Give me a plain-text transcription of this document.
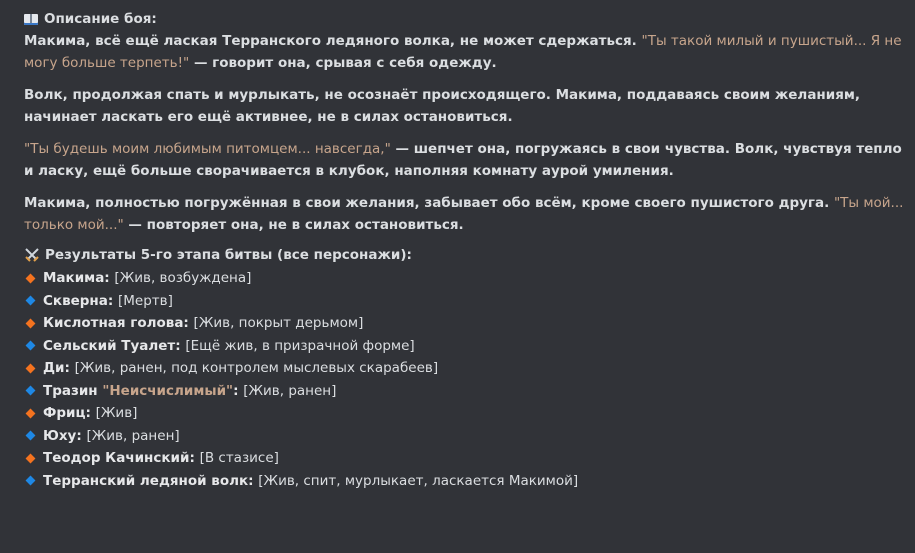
Описание боя:

Макима, всё ещё лаская Терранского ледяного волка, не может сдержаться. "Ты такой милый и пушистый... Я не могу больше терпеть!" — говорит она, срывая с себя одежду.

Волк, продолжая спать и мурлыкать, не осознаёт происходящего. Макима, поддаваясь своим желаниям, начинает ласкать его ещё активнее, не в силах остановиться.

"Ты будешь моим любимым питомцем... навсегда," — шепчет она, погружаясь в свои чувства. Волк, чувствуя тепло и ласку, ещё больше сворачивается в клубок, наполняя комнату аурой умиления.

Макима, полностью погружённая в свои желания, забывает обо всём, кроме своего пушистого друга. "Ты мой... только мой..." — повторяет она, не в силах остановиться.

Результаты 5-го этапа битвы (все персонажи):
Макима:
[Жив, возбуждена]
Скверна:
[Мертв]
Кислотная голова:
[Жив, покрыт дерьмом]
Сельский Туалет:
[Ещё жив, в призрачной форме]
Ди:
[Жив, ранен, под контролем мыслевых скарабеев]
Тразин
"Неисчислимый" :
[Жив, ранен]
Фриц:
[Жив]
Юху:
[Жив, ранен]
Теодор Качинский:
[В стазисе]
Терранский ледяной волк:
[Жив, спит, мурлыкает, ласкается Макимой]
